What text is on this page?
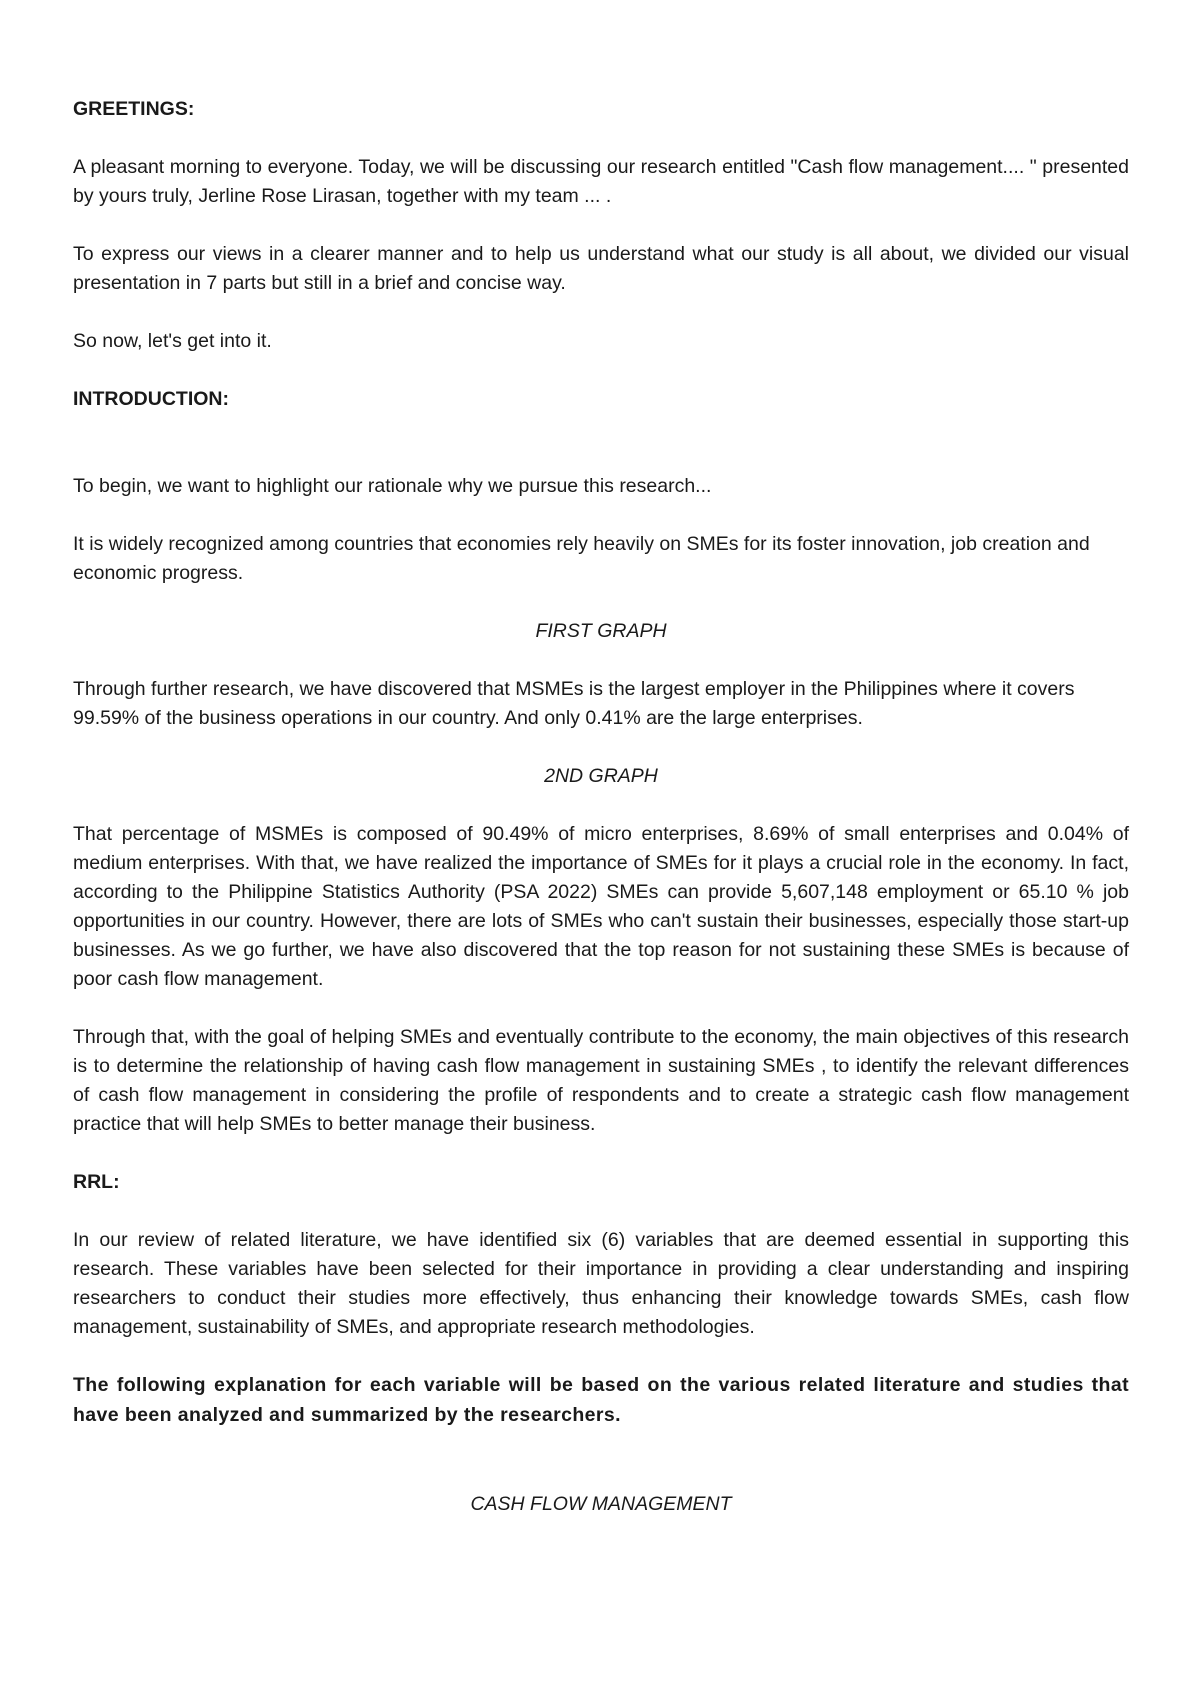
GREETINGS:

A pleasant morning to everyone. Today, we will be discussing our research entitled "Cash flow management.... " presented by yours truly, Jerline Rose Lirasan, together with my team ... .

To express our views in a clearer manner and to help us understand what our study is all about, we divided our visual presentation in 7 parts but still in a brief and concise way.

So now, let's get into it.

INTRODUCTION:

To begin, we want to highlight our rationale why we pursue this research...

It is widely recognized among countries that economies rely heavily on SMEs for its foster innovation, job creation and economic progress.

FIRST GRAPH

Through further research, we have discovered that MSMEs is the largest employer in the Philippines where it covers 99.59% of the business operations in our country. And only 0.41% are the large enterprises.

2ND GRAPH

That percentage of MSMEs is composed of 90.49% of micro enterprises, 8.69% of small enterprises and 0.04% of medium enterprises. With that, we have realized the importance of SMEs for it plays a crucial role in the economy. In fact, according to the Philippine Statistics Authority (PSA 2022) SMEs can provide 5,607,148 employment or 65.10 % job opportunities in our country. However, there are lots of SMEs who can't sustain their businesses, especially those start-up businesses. As we go further, we have also discovered that the top reason for not sustaining these SMEs is because of poor cash flow management.

Through that, with the goal of helping SMEs and eventually contribute to the economy, the main objectives of this research is to determine the relationship of having cash flow management in sustaining SMEs , to identify the relevant differences of cash flow management in considering the profile of respondents and to create a strategic cash flow management practice that will help SMEs to better manage their business.

RRL:

In our review of related literature, we have identified six (6) variables that are deemed essential in supporting this research. These variables have been selected for their importance in providing a clear understanding and inspiring researchers to conduct their studies more effectively, thus enhancing their knowledge towards SMEs, cash flow management, sustainability of SMEs, and appropriate research methodologies.

The following explanation for each variable will be based on the various related literature and studies that have been analyzed and summarized by the researchers.

CASH FLOW MANAGEMENT
